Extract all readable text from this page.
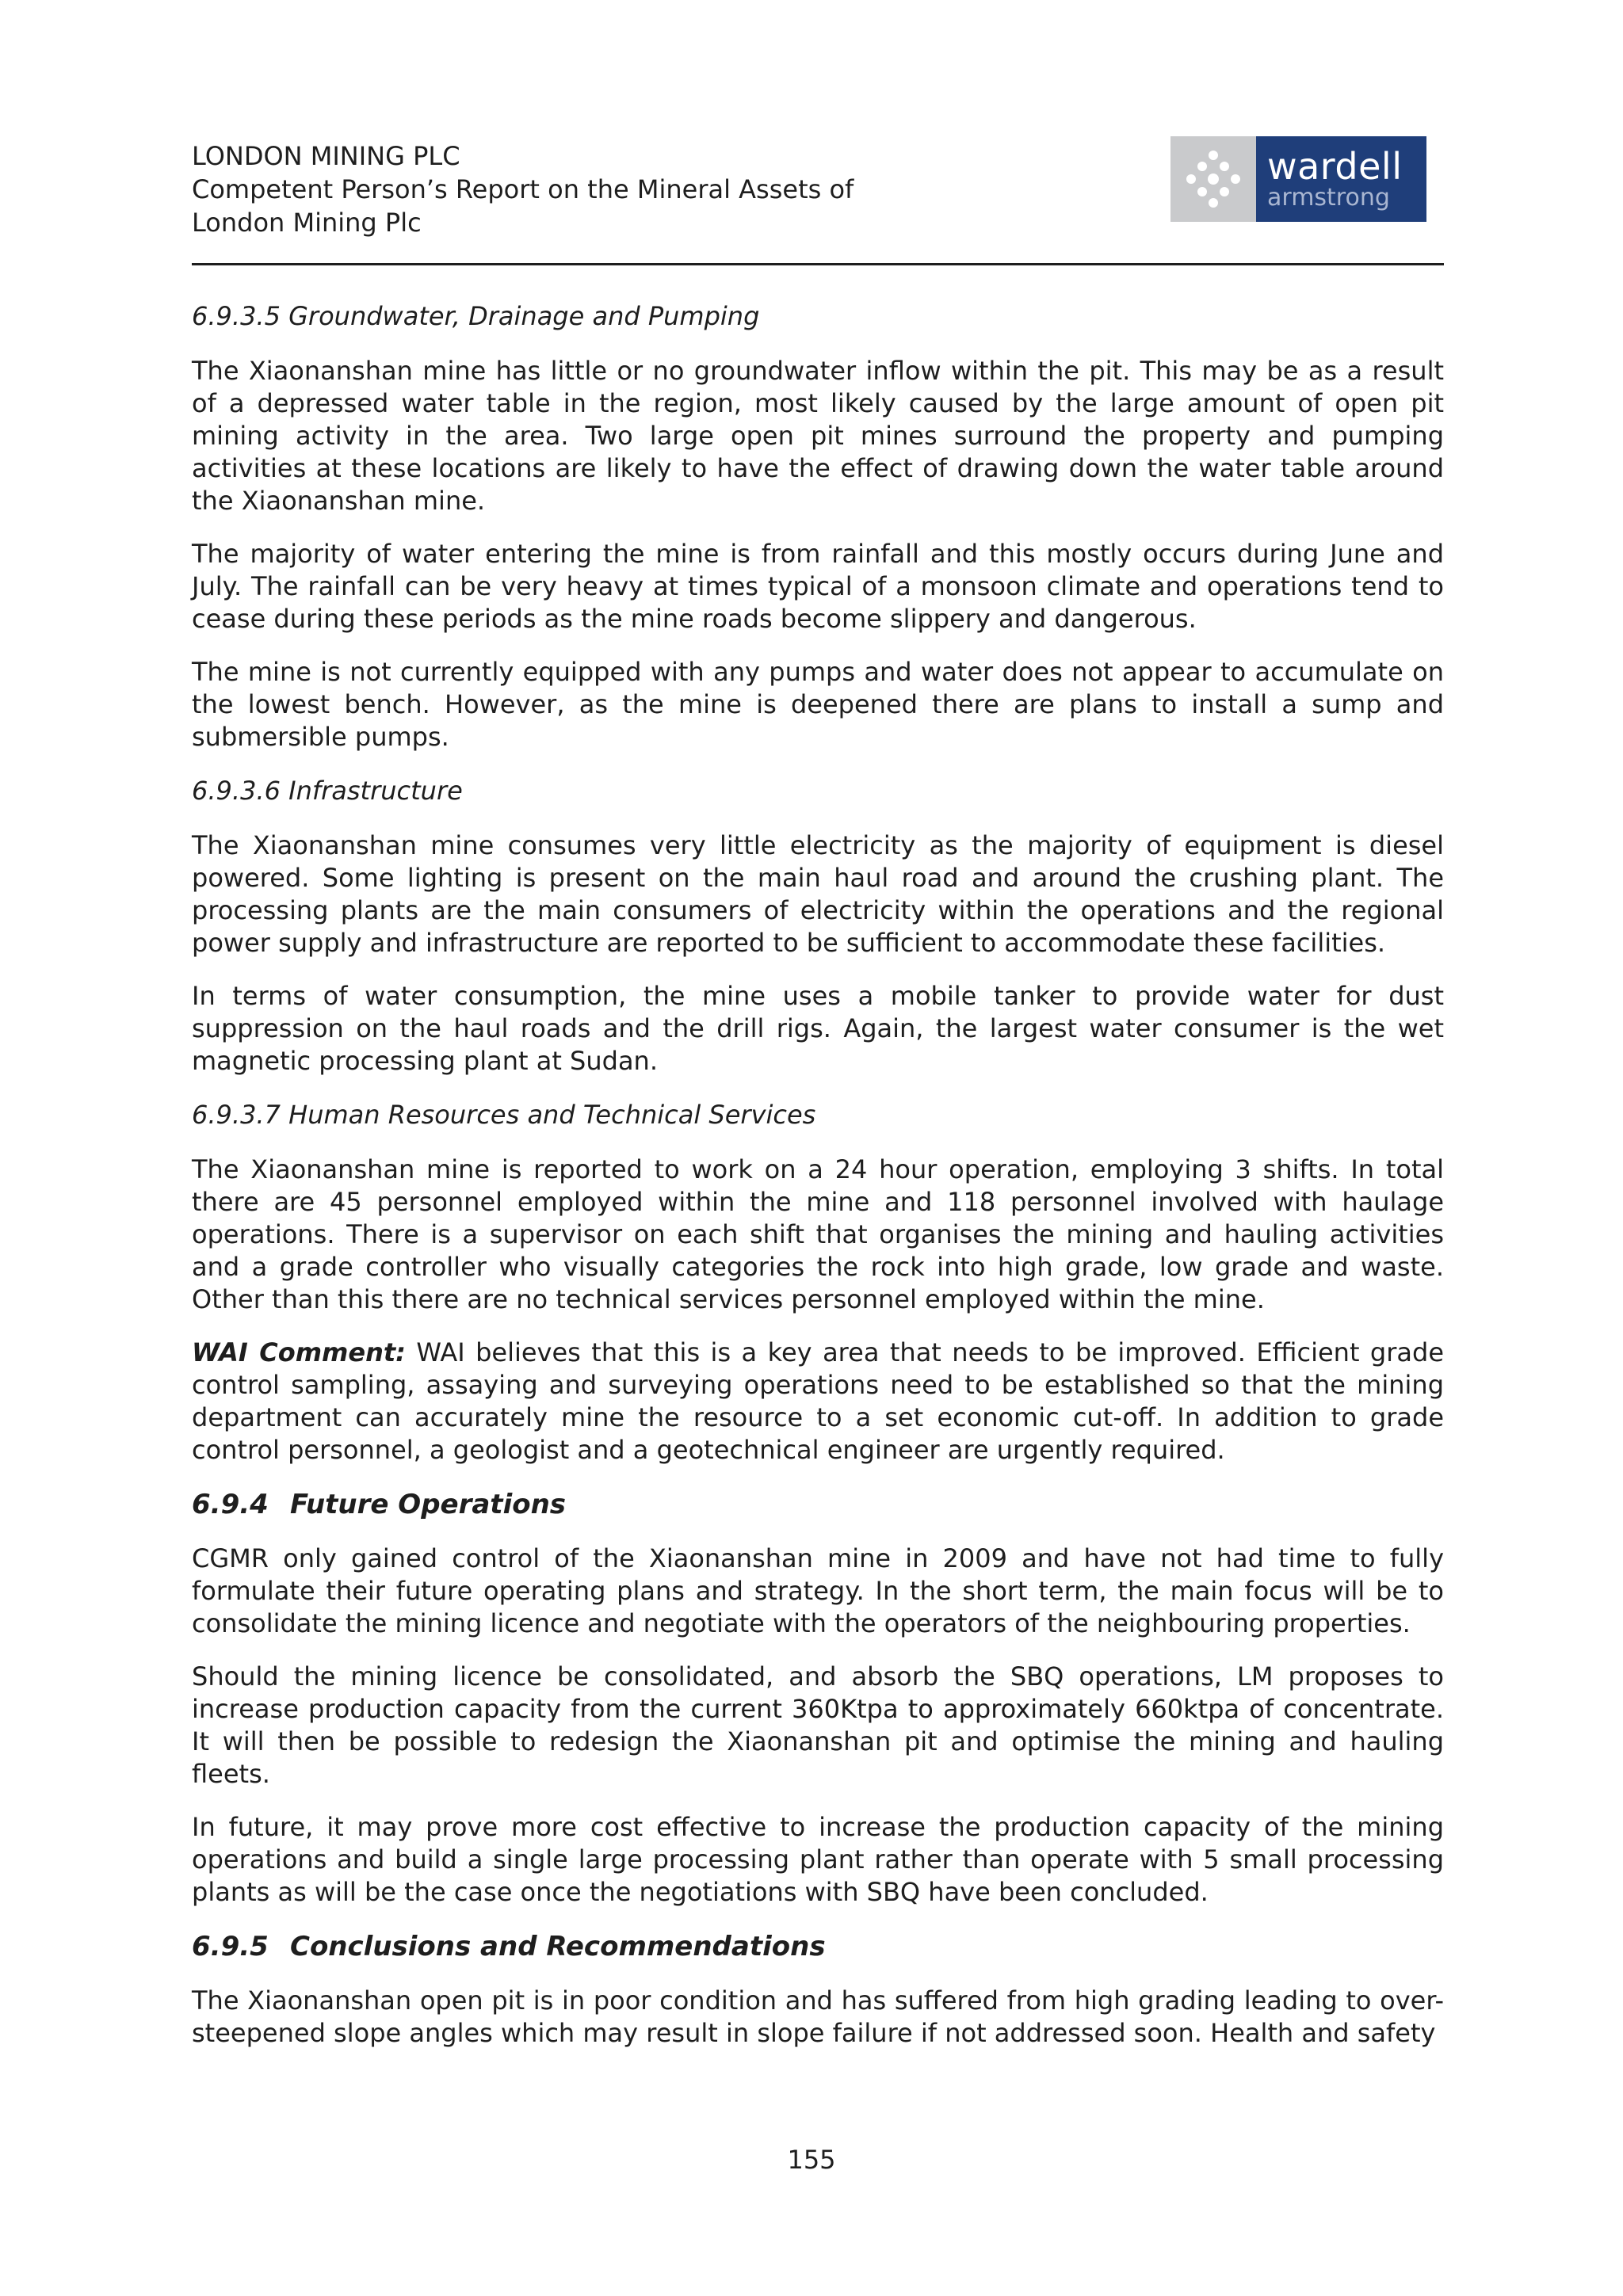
LONDON MINING PLC
Competent Person’s Report on the Mineral Assets of
London Mining Plc
wardell
armstrong

6.9.3.5 Groundwater, Drainage and Pumping

The Xiaonanshan mine has little or no groundwater inflow within the pit. This may be as a result of a depressed water table in the region, most likely caused by the large amount of open pit mining activity in the area. Two large open pit mines surround the property and pumping activities at these locations are likely to have the effect of drawing down the water table around the Xiaonanshan mine.

The majority of water entering the mine is from rainfall and this mostly occurs during June and July. The rainfall can be very heavy at times typical of a monsoon climate and operations tend to cease during these periods as the mine roads become slippery and dangerous.

The mine is not currently equipped with any pumps and water does not appear to accumulate on the lowest bench. However, as the mine is deepened there are plans to install a sump and submersible pumps.

6.9.3.6 Infrastructure

The Xiaonanshan mine consumes very little electricity as the majority of equipment is diesel powered. Some lighting is present on the main haul road and around the crushing plant. The processing plants are the main consumers of electricity within the operations and the regional power supply and infrastructure are reported to be sufficient to accommodate these facilities.

In terms of water consumption, the mine uses a mobile tanker to provide water for dust suppression on the haul roads and the drill rigs. Again, the largest water consumer is the wet magnetic processing plant at Sudan.

6.9.3.7 Human Resources and Technical Services

The Xiaonanshan mine is reported to work on a 24 hour operation, employing 3 shifts. In total there are 45 personnel employed within the mine and 118 personnel involved with haulage operations. There is a supervisor on each shift that organises the mining and hauling activities and a grade controller who visually categories the rock into high grade, low grade and waste. Other than this there are no technical services personnel employed within the mine.

WAI Comment: WAI believes that this is a key area that needs to be improved. Efficient grade control sampling, assaying and surveying operations need to be established so that the mining department can accurately mine the resource to a set economic cut-off. In addition to grade control personnel, a geologist and a geotechnical engineer are urgently required.

6.9.4 Future Operations

CGMR only gained control of the Xiaonanshan mine in 2009 and have not had time to fully formulate their future operating plans and strategy. In the short term, the main focus will be to consolidate the mining licence and negotiate with the operators of the neighbouring properties.

Should the mining licence be consolidated, and absorb the SBQ operations, LM proposes to increase production capacity from the current 360Ktpa to approximately 660ktpa of concentrate. It will then be possible to redesign the Xiaonanshan pit and optimise the mining and hauling fleets.

In future, it may prove more cost effective to increase the production capacity of the mining operations and build a single large processing plant rather than operate with 5 small processing plants as will be the case once the negotiations with SBQ have been concluded.

6.9.5 Conclusions and Recommendations

The Xiaonanshan open pit is in poor condition and has suffered from high grading leading to over-steepened slope angles which may result in slope failure if not addressed soon. Health and safety

155
